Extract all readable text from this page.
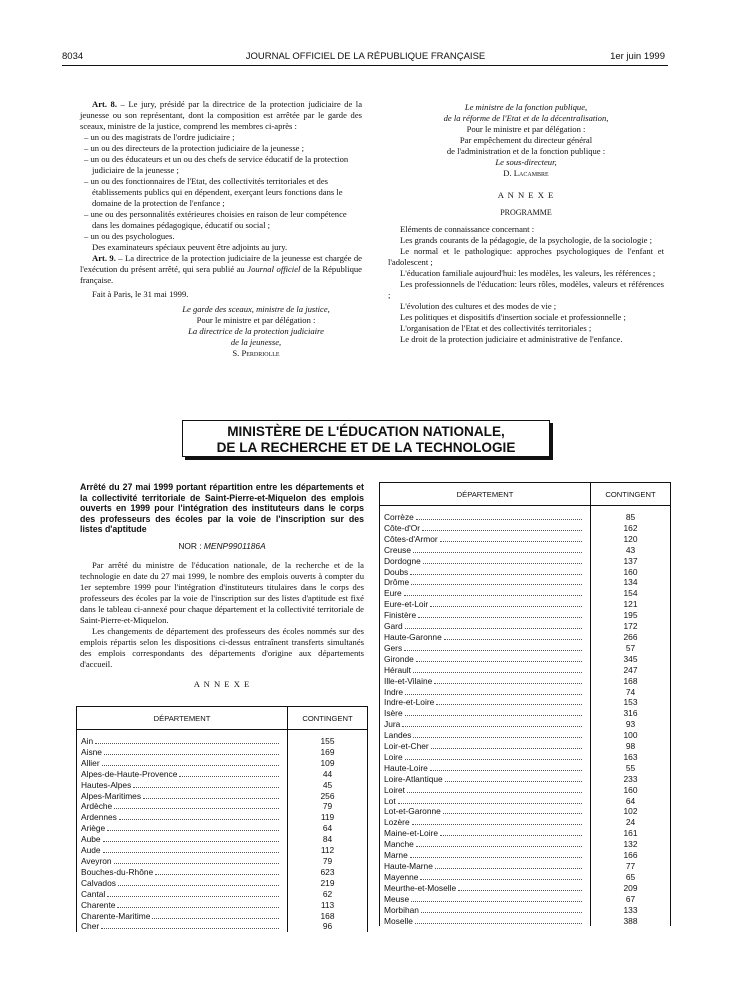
8034	JOURNAL OFFICIEL DE LA RÉPUBLIQUE FRANÇAISE	1er juin 1999

Art. 8. – Le jury, présidé par la directrice de la protection judiciaire de la jeunesse ou son représentant, dont la composition est arrêtée par le garde des sceaux, ministre de la justice, comprend les membres ci-après :

– un ou des magistrats de l'ordre judiciaire ;
– un ou des directeurs de la protection judiciaire de la jeunesse ;
– un ou des éducateurs et un ou des chefs de service éducatif de la protection judiciaire de la jeunesse ;
– un ou des fonctionnaires de l'Etat, des collectivités territoriales et des établissements publics qui en dépendent, exerçant leurs fonctions dans le domaine de la protection de l'enfance ;
– une ou des personnalités extérieures choisies en raison de leur compétence dans les domaines pédagogique, éducatif ou social ;
– un ou des psychologues.

Des examinateurs spéciaux peuvent être adjoints au jury.

Art. 9. – La directrice de la protection judiciaire de la jeunesse est chargée de l'exécution du présent arrêté, qui sera publié au Journal officiel de la République française.

Fait à Paris, le 31 mai 1999.

Le garde des sceaux, ministre de la justice,

Pour le ministre et par délégation :

La directrice de la protection judiciaire

de la jeunesse,

S. Perdriolle

Le ministre de la fonction publique,

de la réforme de l'Etat et de la décentralisation,

Pour le ministre et par délégation :

Par empêchement du directeur général

de l'administration et de la fonction publique :

Le sous-directeur,

D. Lacambre

A N N E X E

PROGRAMME

Eléments de connaissance concernant :

Les grands courants de la pédagogie, de la psychologie, de la sociologie ;

Le normal et le pathologique: approches psychologiques de l'enfant et l'adolescent ;

L'éducation familiale aujourd'hui: les modèles, les valeurs, les références ;

Les professionnels de l'éducation: leurs rôles, modèles, valeurs et références ;

L'évolution des cultures et des modes de vie ;

Les politiques et dispositifs d'insertion sociale et professionnelle ;

L'organisation de l'Etat et des collectivités territoriales ;

Le droit de la protection judiciaire et administrative de l'enfance.

MINISTÈRE DE L'ÉDUCATION NATIONALE,
DE LA RECHERCHE ET DE LA TECHNOLOGIE

Arrêté du 27 mai 1999 portant répartition entre les départements et la collectivité territoriale de Saint-Pierre-et-Miquelon des emplois ouverts en 1999 pour l'intégration des instituteurs dans le corps des professeurs des écoles par la voie de l'inscription sur des listes d'aptitude

NOR : MENP9901186A

Par arrêté du ministre de l'éducation nationale, de la recherche et de la technologie en date du 27 mai 1999, le nombre des emplois ouverts à compter du 1er septembre 1999 pour l'intégration d'instituteurs titulaires dans le corps des professeurs des écoles par la voie de l'inscription sur des listes d'aptitude est fixé dans le tableau ci-annexé pour chaque département et la collectivité territoriale de Saint-Pierre-et-Miquelon.

Les changements de département des professeurs des écoles nommés sur des emplois répartis selon les dispositions ci-dessus entraînent transferts simultanés des emplois correspondants des départements d'origine aux départements d'accueil.

A N N E X E

DÉPARTEMENT	CONTINGENT

Ain	155
Aisne	169
Allier	109
Alpes-de-Haute-Provence	44
Hautes-Alpes	45
Alpes-Maritimes	256
Ardèche	79
Ardennes	119
Ariège	64
Aube	84
Aude	112
Aveyron	79
Bouches-du-Rhône	623
Calvados	219
Cantal	62
Charente	113
Charente-Maritime	168
Cher	96
DÉPARTEMENT	CONTINGENT

Corrèze	85
Côte-d'Or	162
Côtes-d'Armor	120
Creuse	43
Dordogne	137
Doubs	160
Drôme	134
Eure	154
Eure-et-Loir	121
Finistère	195
Gard	172
Haute-Garonne	266
Gers	57
Gironde	345
Hérault	247
Ille-et-Vilaine	168
Indre	74
Indre-et-Loire	153
Isère	316
Jura	93
Landes	100
Loir-et-Cher	98
Loire	163
Haute-Loire	55
Loire-Atlantique	233
Loiret	160
Lot	64
Lot-et-Garonne	102
Lozère	24
Maine-et-Loire	161
Manche	132
Marne	166
Haute-Marne	77
Mayenne	65
Meurthe-et-Moselle	209
Meuse	67
Morbihan	133
Moselle	388
